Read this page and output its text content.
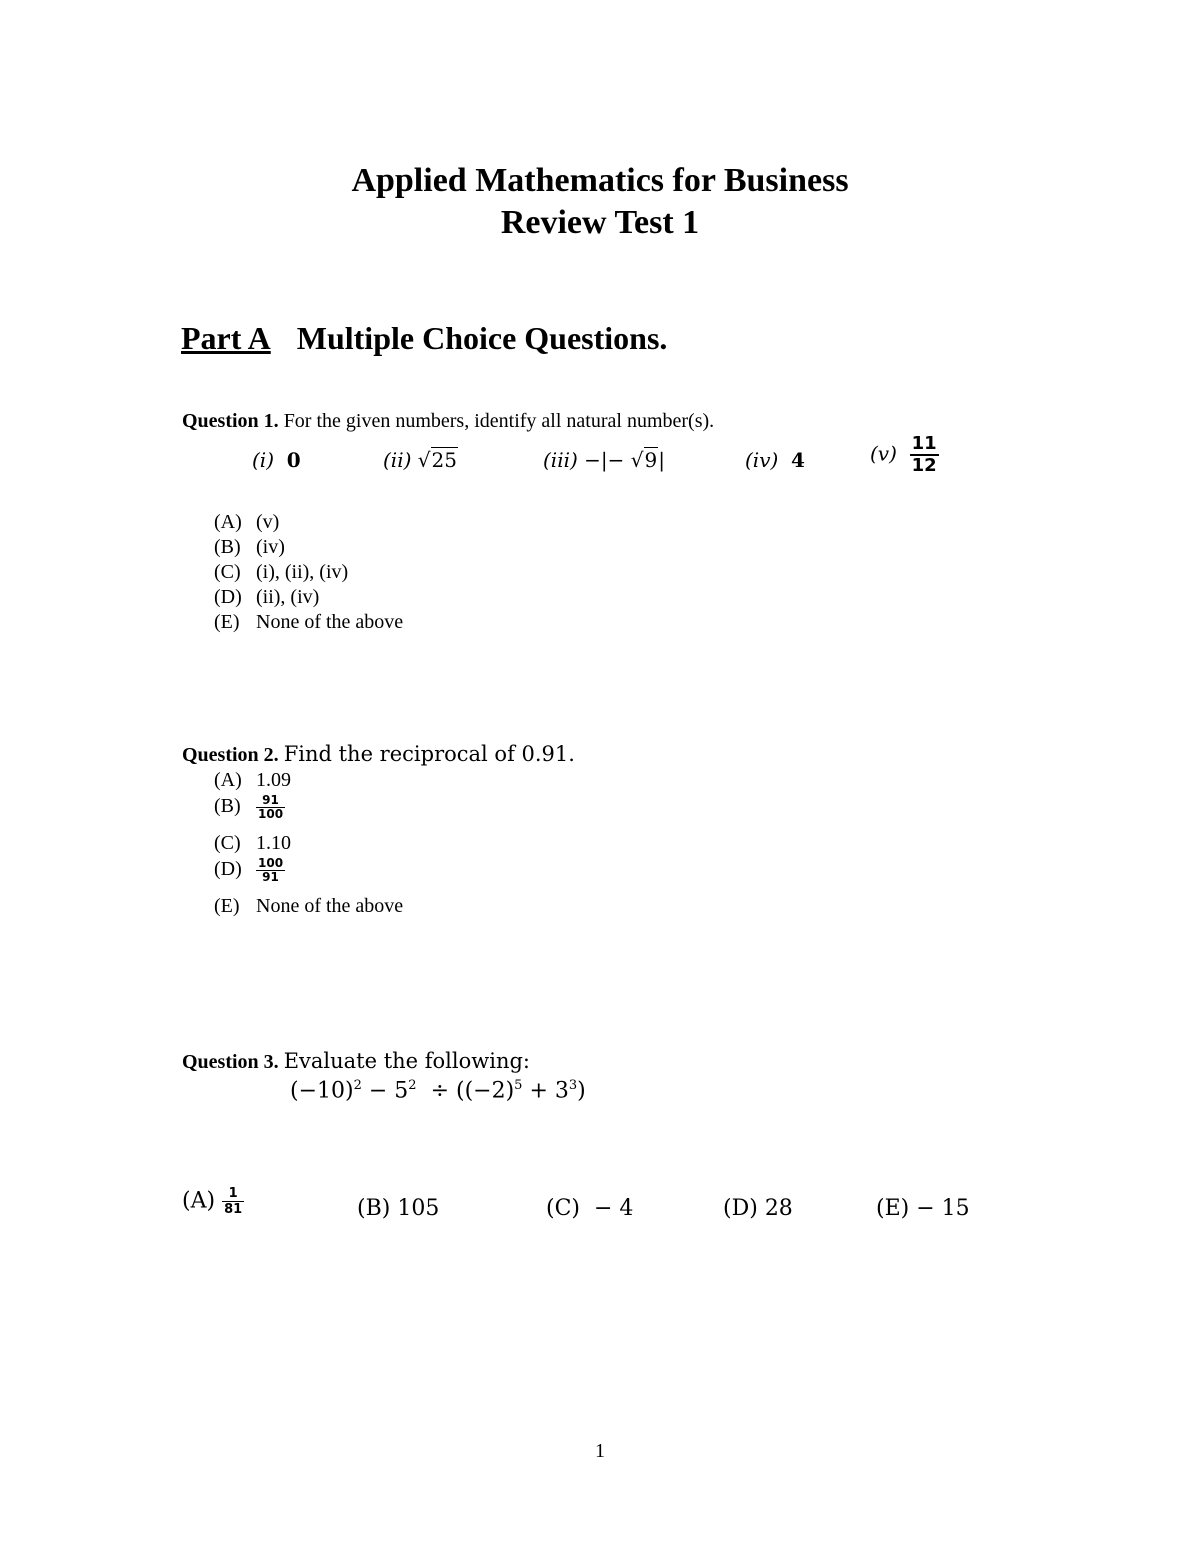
Applied Mathematics for Business
Review Test 1
Part A Multiple Choice Questions.
Question 1. For the given numbers, identify all natural number(s).
(i) 0	(ii) √25	(iii) −|− √9|	(iv) 4	$(v) \frac{11}{12}$
(A) (v)
(B) (iv)
(C) (i), (ii), (iv)
(D) (ii), (iv)
(E) None of the above
Question 2. Find the reciprocal of 0.91.
(A) 1.09
$(B) \frac{91}{100}$
(C) 1.10
$(D) \frac{100}{91}$
(E) None of the above
Question 3. Evaluate the following:
$(-10)^2 - 5^2 \div ((-2)^5 + 3^3)$
$(A) \frac{1}{81}$	(B) 105	(C) − 4	(D) 28	(E) − 15
1
